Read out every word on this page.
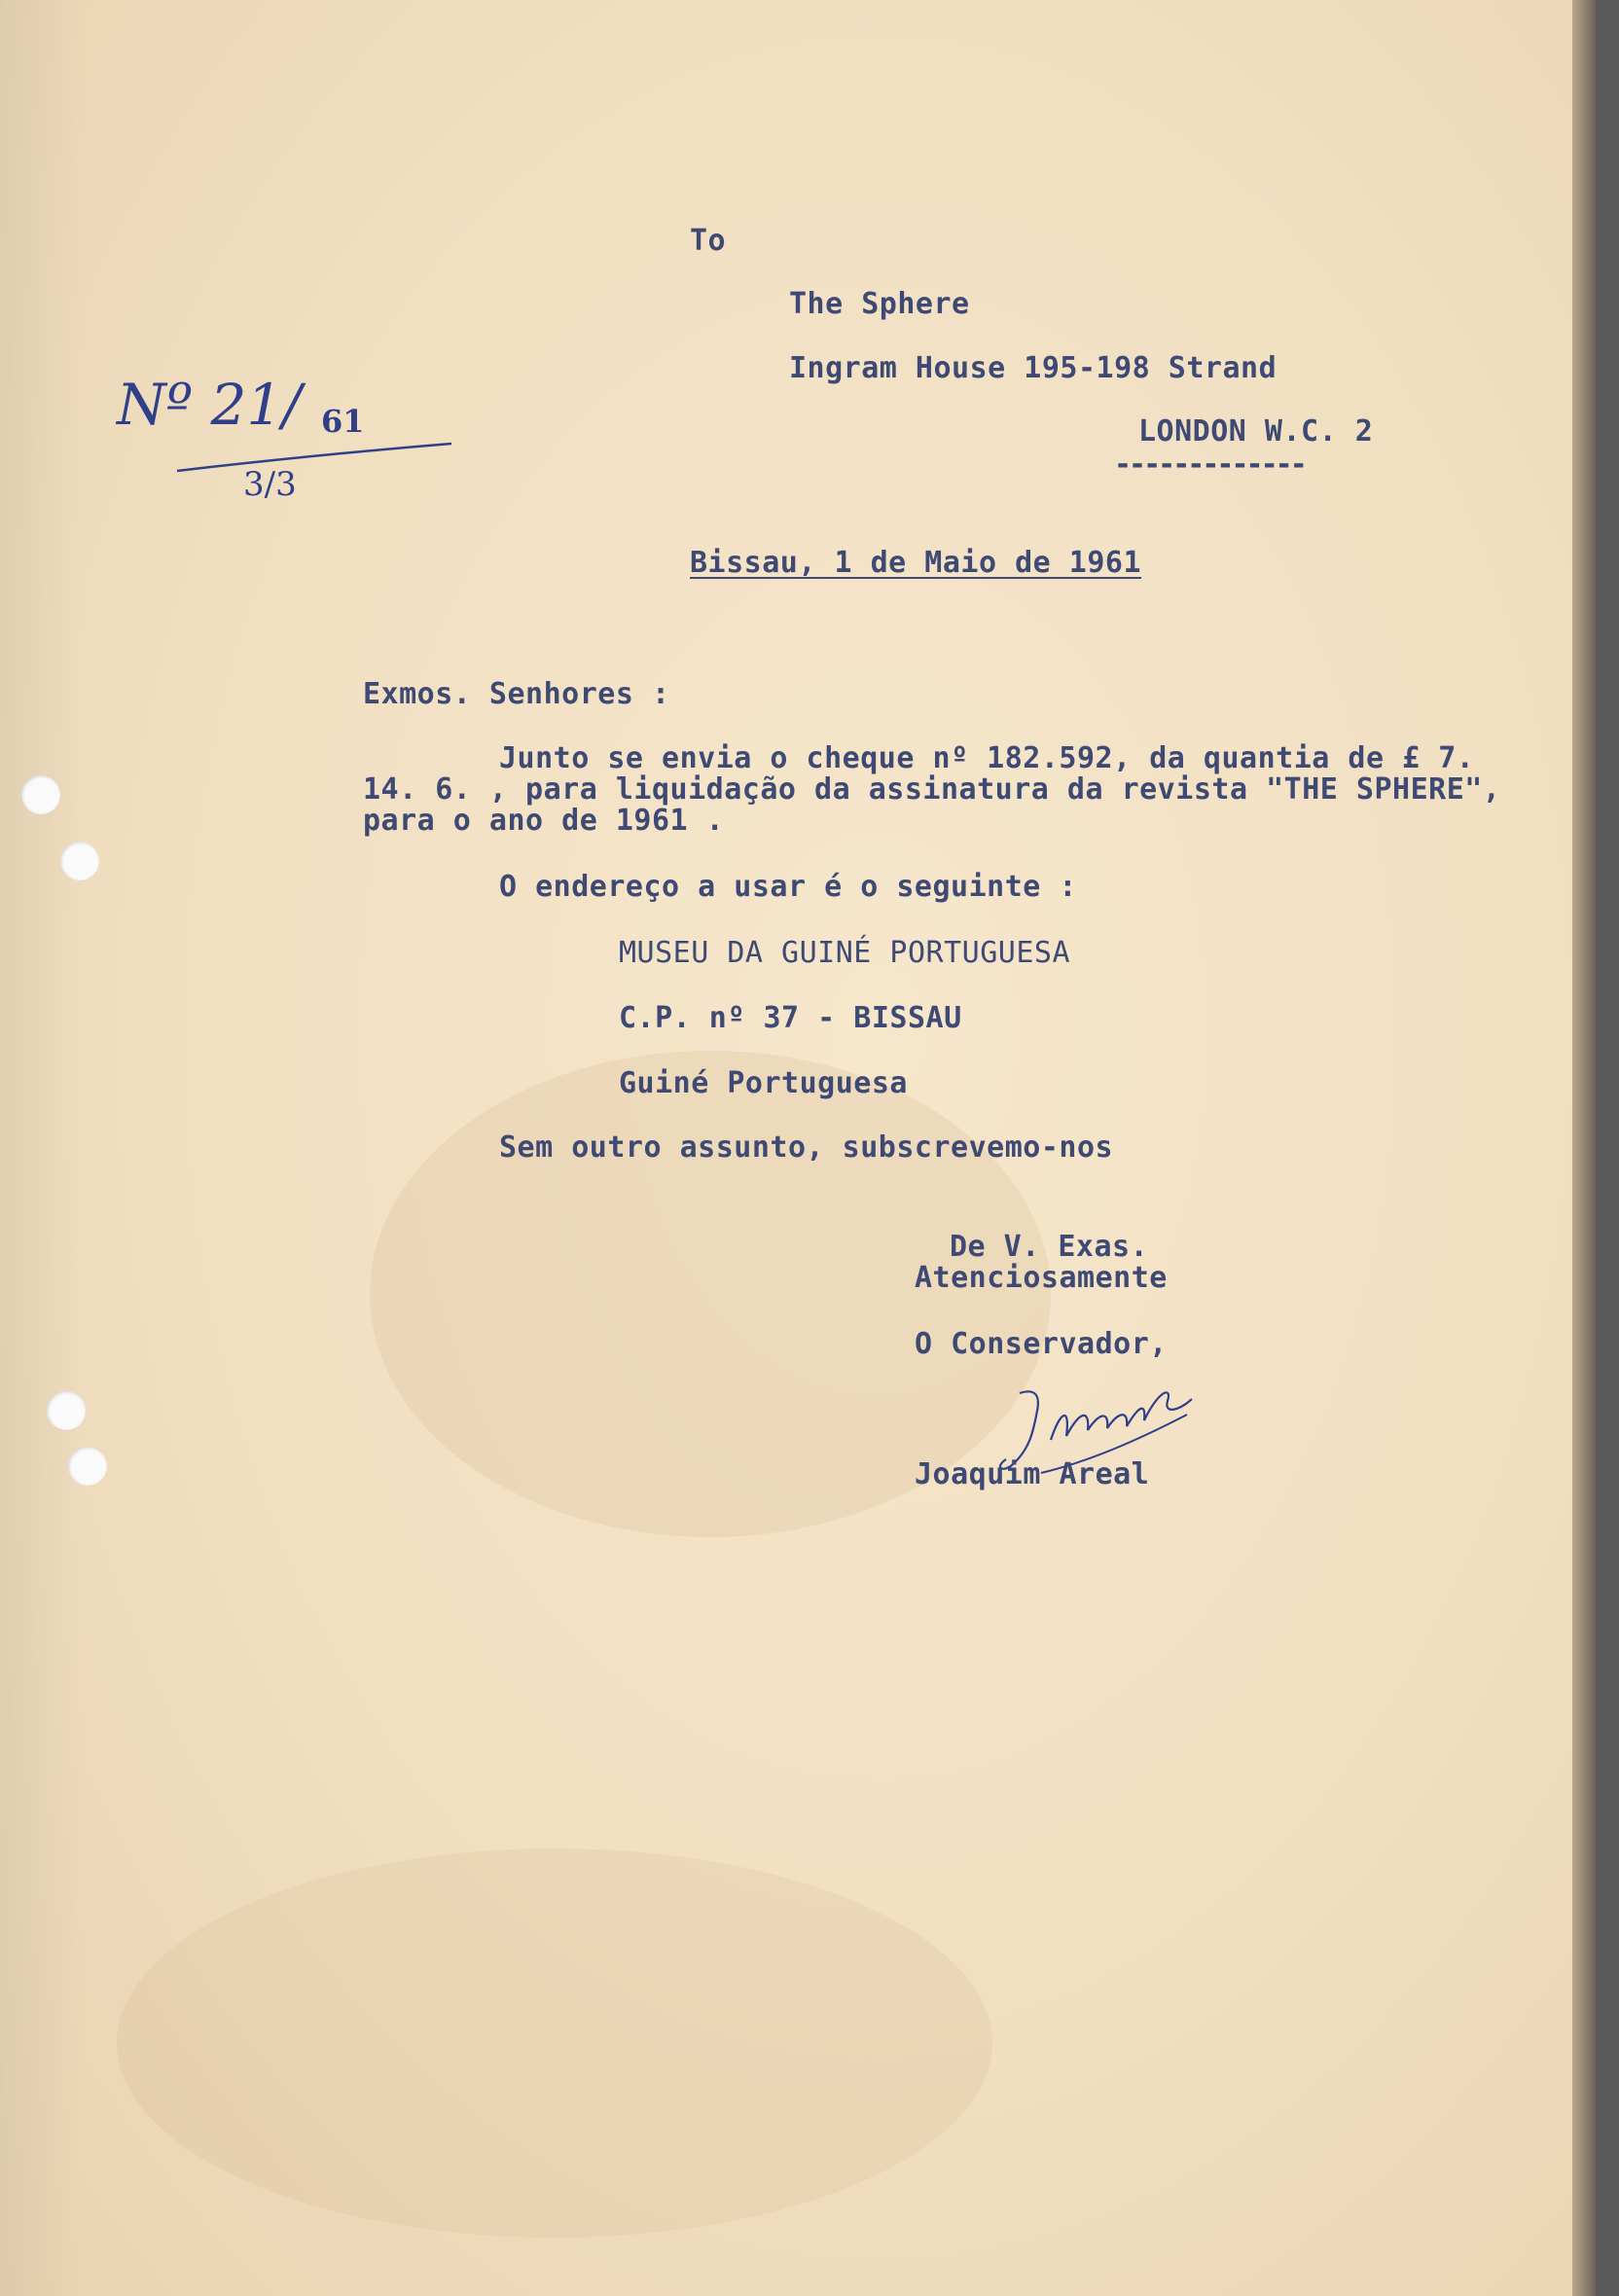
To
The Sphere
Ingram House 195-198 Strand
LONDON W.C. 2
-------------
Nº 21/ 61
3/3
Bissau, 1 de Maio de 1961
Exmos. Senhores :
Junto se envia o cheque nº 182.592, da quantia de £ 7.
14. 6. , para liquidação da assinatura da revista "THE SPHERE",
para o ano de 1961 .
O endereço a usar é o seguinte :
MUSEU DA GUINÉ PORTUGUESA
C.P. nº 37 - BISSAU
Guiné Portuguesa
Sem outro assunto, subscrevemo-nos
De V. Exas.
Atenciosamente
O Conservador,
Joaquim Areal
